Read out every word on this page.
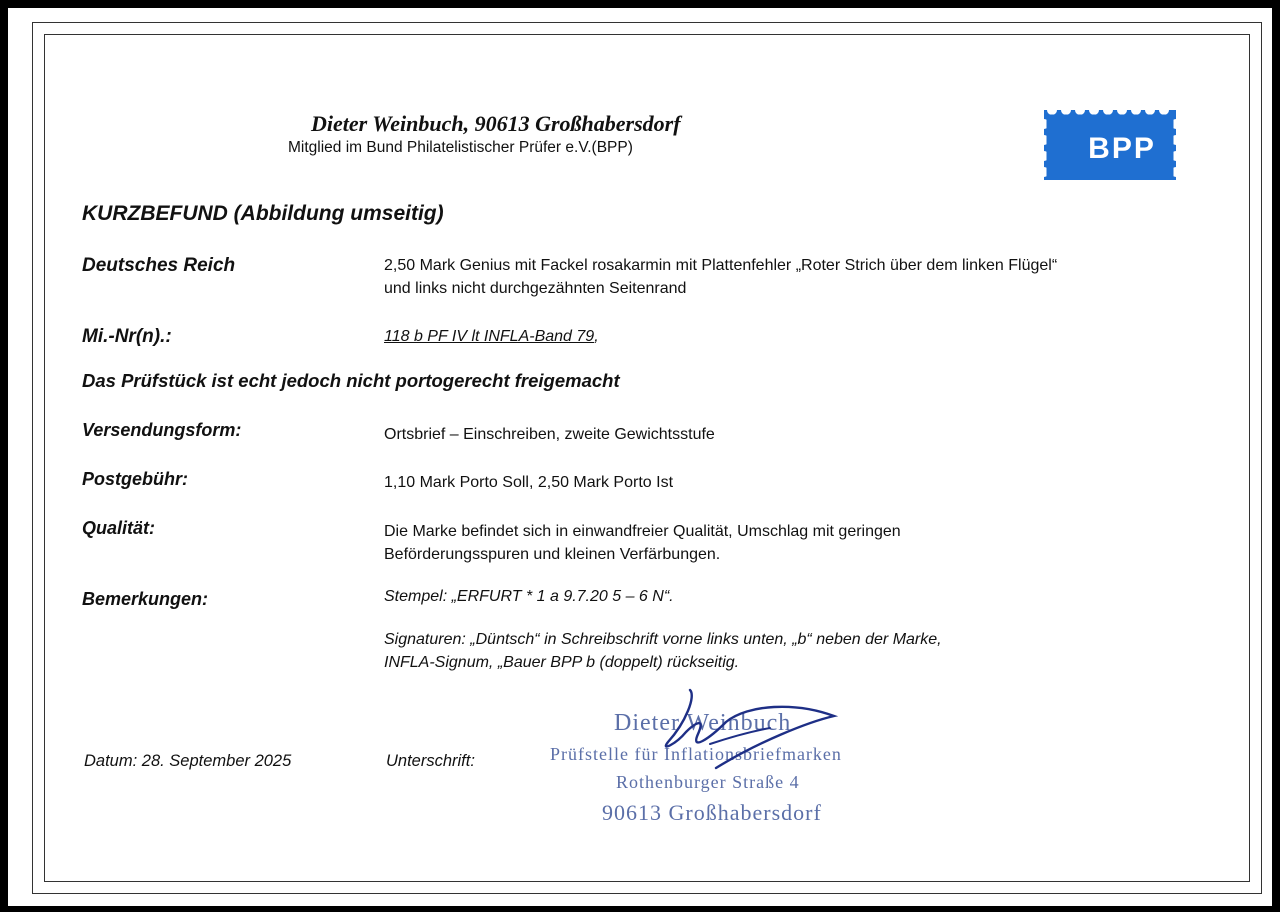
Dieter Weinbuch, 90613 Großhabersdorf
Mitglied im Bund Philatelistischer Prüfer e.V.(BPP)	BPP
KURZBEFUND (Abbildung umseitig)
Deutsches Reich	2,50 Mark Genius mit Fackel rosakarmin mit Plattenfehler „Roter Strich über dem linken Flügel“
und links nicht durchgezähnten Seitenrand
Mi.-Nr(n).:	118 b PF IV lt INFLA-Band 79,
Das Prüfstück ist echt jedoch nicht portogerecht freigemacht
Versendungsform:	Ortsbrief – Einschreiben, zweite Gewichtsstufe
Postgebühr:	1,10 Mark Porto Soll, 2,50 Mark Porto Ist
Qualität:	Die Marke befindet sich in einwandfreier Qualität, Umschlag mit geringen
Beförderungsspuren und kleinen Verfärbungen.
Bemerkungen:	Stempel: „ERFURT * 1 a 9.7.20 5 – 6 N“.
Signaturen: „Düntsch“ in Schreibschrift vorne links unten, „b“ neben der Marke,
INFLA-Signum, „Bauer BPP b (doppelt) rückseitig.
Datum: 28. September 2025	Unterschrift:
Dieter Weinbuch
Prüfstelle für Inflationsbriefmarken
Rothenburger Straße 4
90613 Großhabersdorf
